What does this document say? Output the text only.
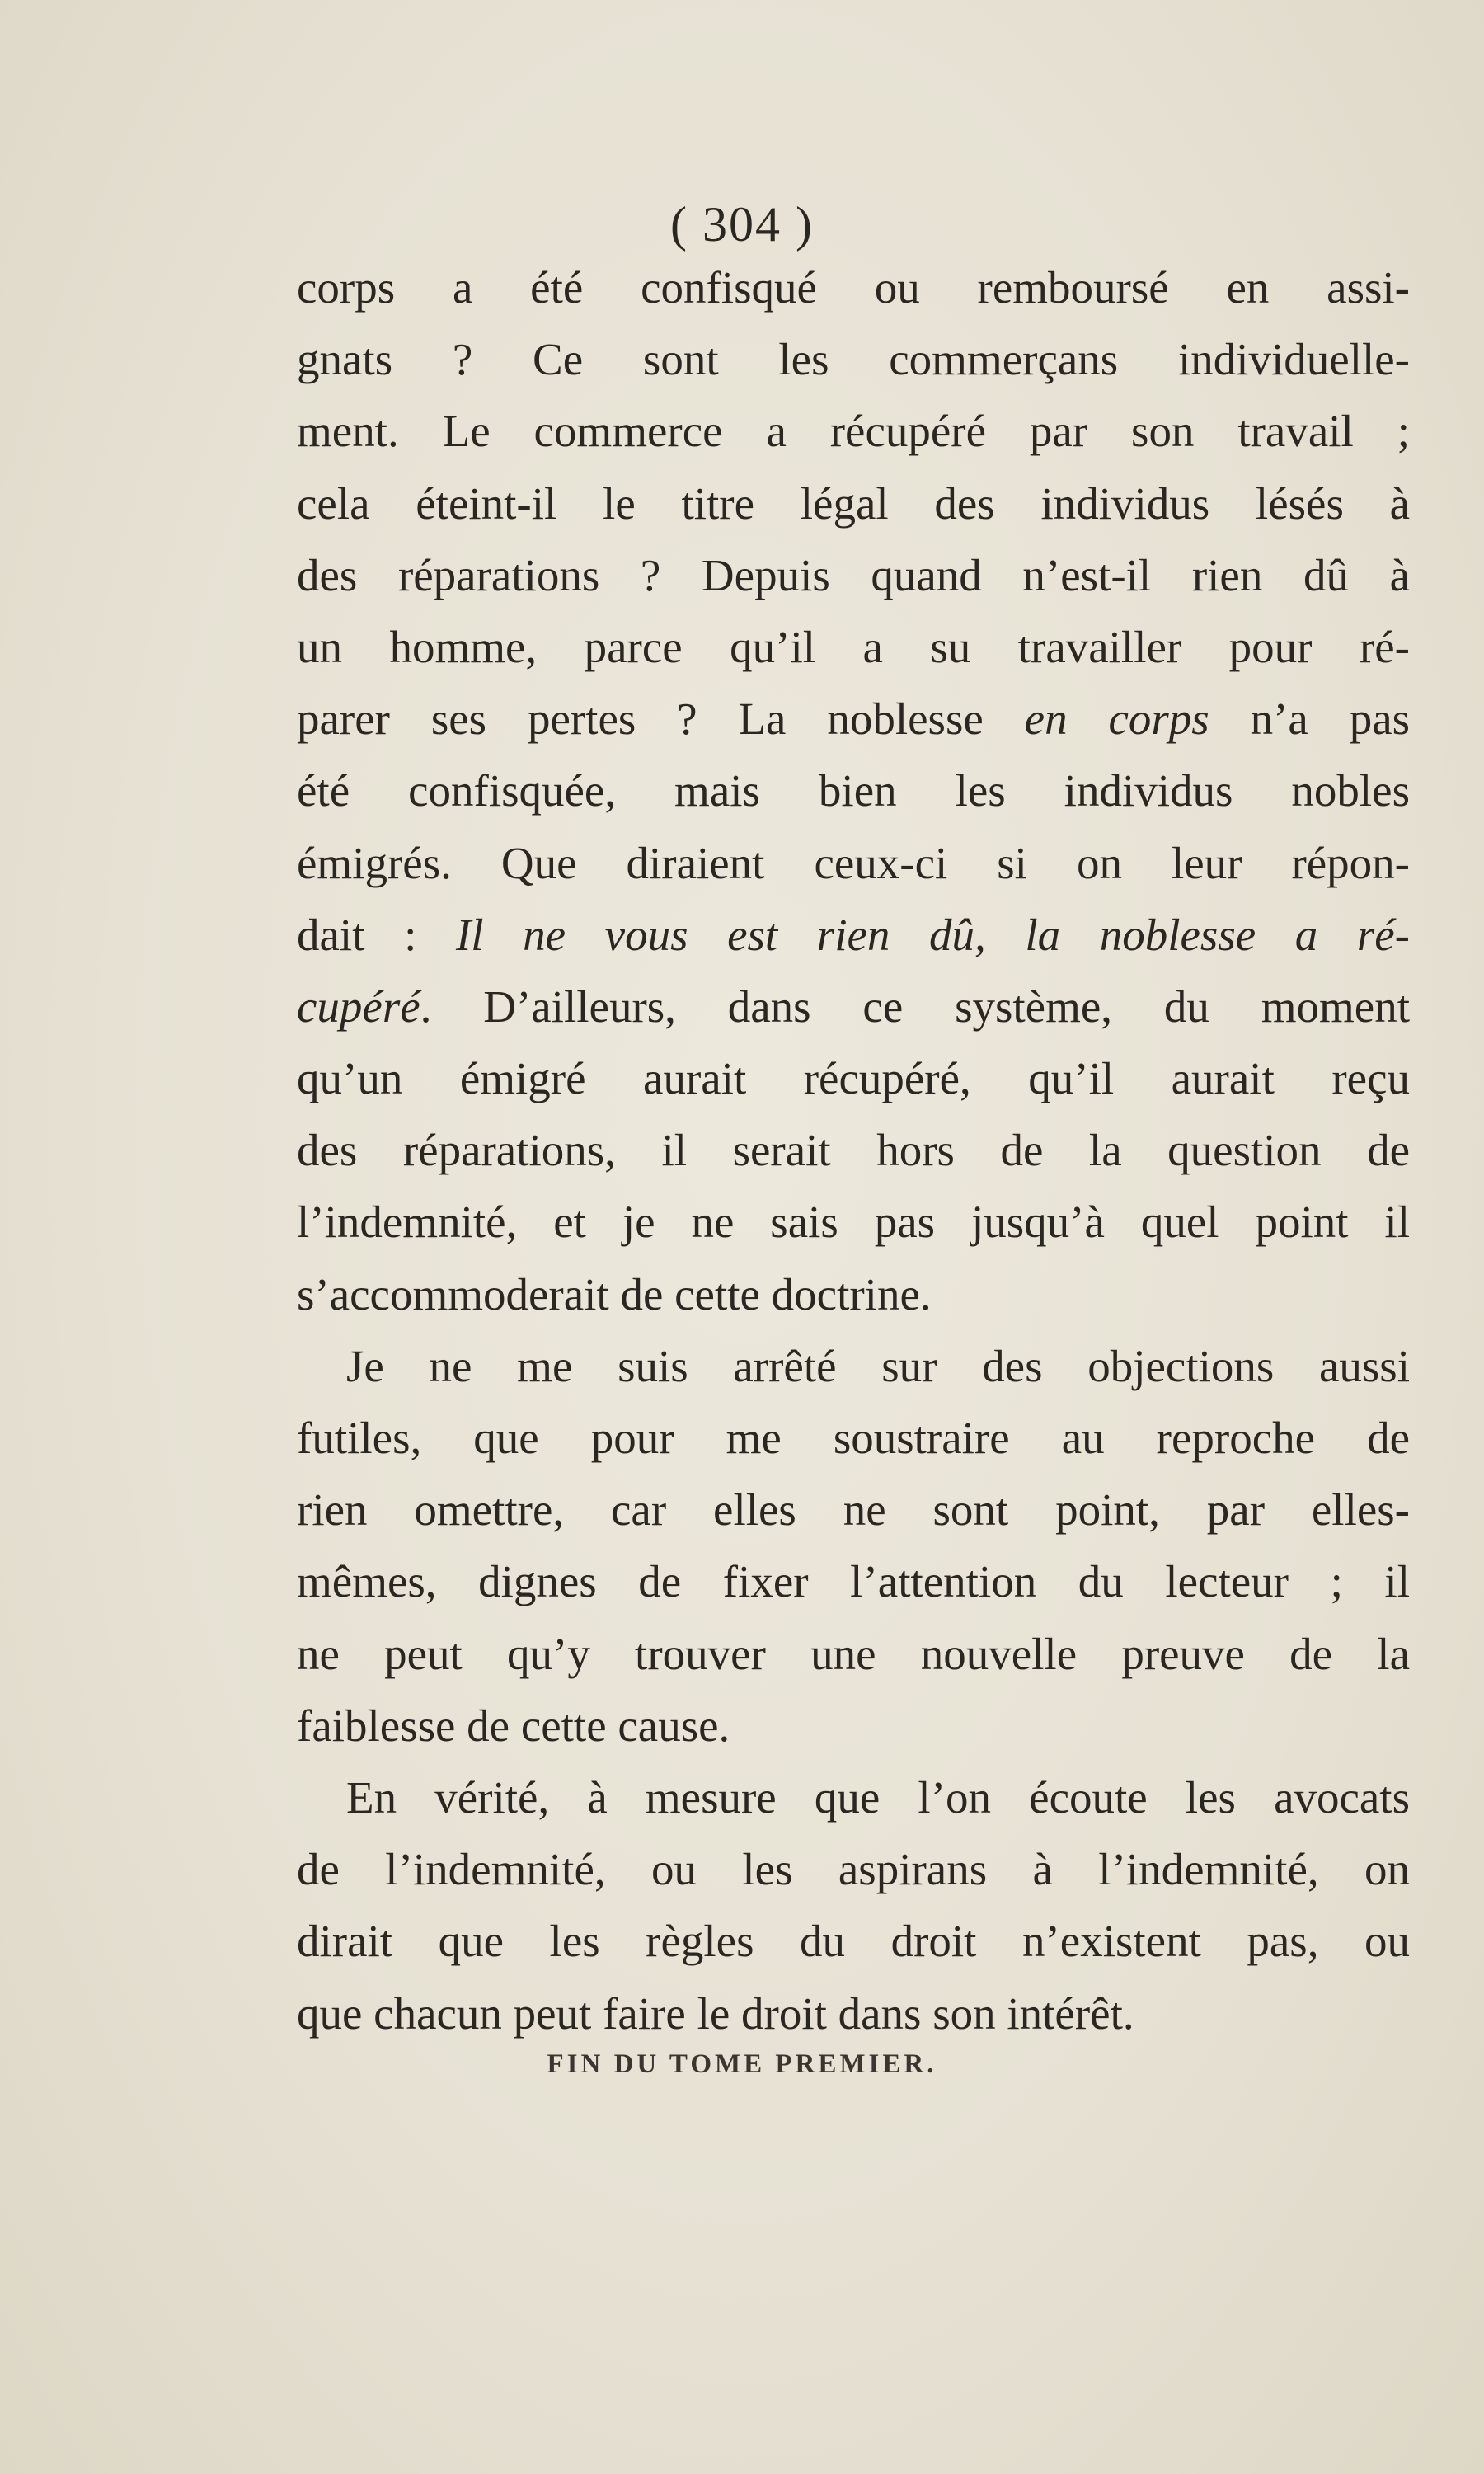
( 304 )
corps a été confisqué ou remboursé en assi-
gnats ? Ce sont les commerçans individuelle-
ment. Le commerce a récupéré par son travail ;
cela éteint-il le titre légal des individus lésés à
des réparations ? Depuis quand n’est-il rien dû à
un homme, parce qu’il a su travailler pour ré-
parer ses pertes ? La noblesse en corps n’a pas
été confisquée, mais bien les individus nobles
émigrés. Que diraient ceux-ci si on leur répon-
dait : Il ne vous est rien dû, la noblesse a ré-
cupéré. D’ailleurs, dans ce système, du moment
qu’un émigré aurait récupéré, qu’il aurait reçu
des réparations, il serait hors de la question de
l’indemnité, et je ne sais pas jusqu’à quel point il
s’accommoderait de cette doctrine.
Je ne me suis arrêté sur des objections aussi
futiles, que pour me soustraire au reproche de
rien omettre, car elles ne sont point, par elles-
mêmes, dignes de fixer l’attention du lecteur ; il
ne peut qu’y trouver une nouvelle preuve de la
faiblesse de cette cause.
En vérité, à mesure que l’on écoute les avocats
de l’indemnité, ou les aspirans à l’indemnité, on
dirait que les règles du droit n’existent pas, ou
que chacun peut faire le droit dans son intérêt.
FIN DU TOME PREMIER.
